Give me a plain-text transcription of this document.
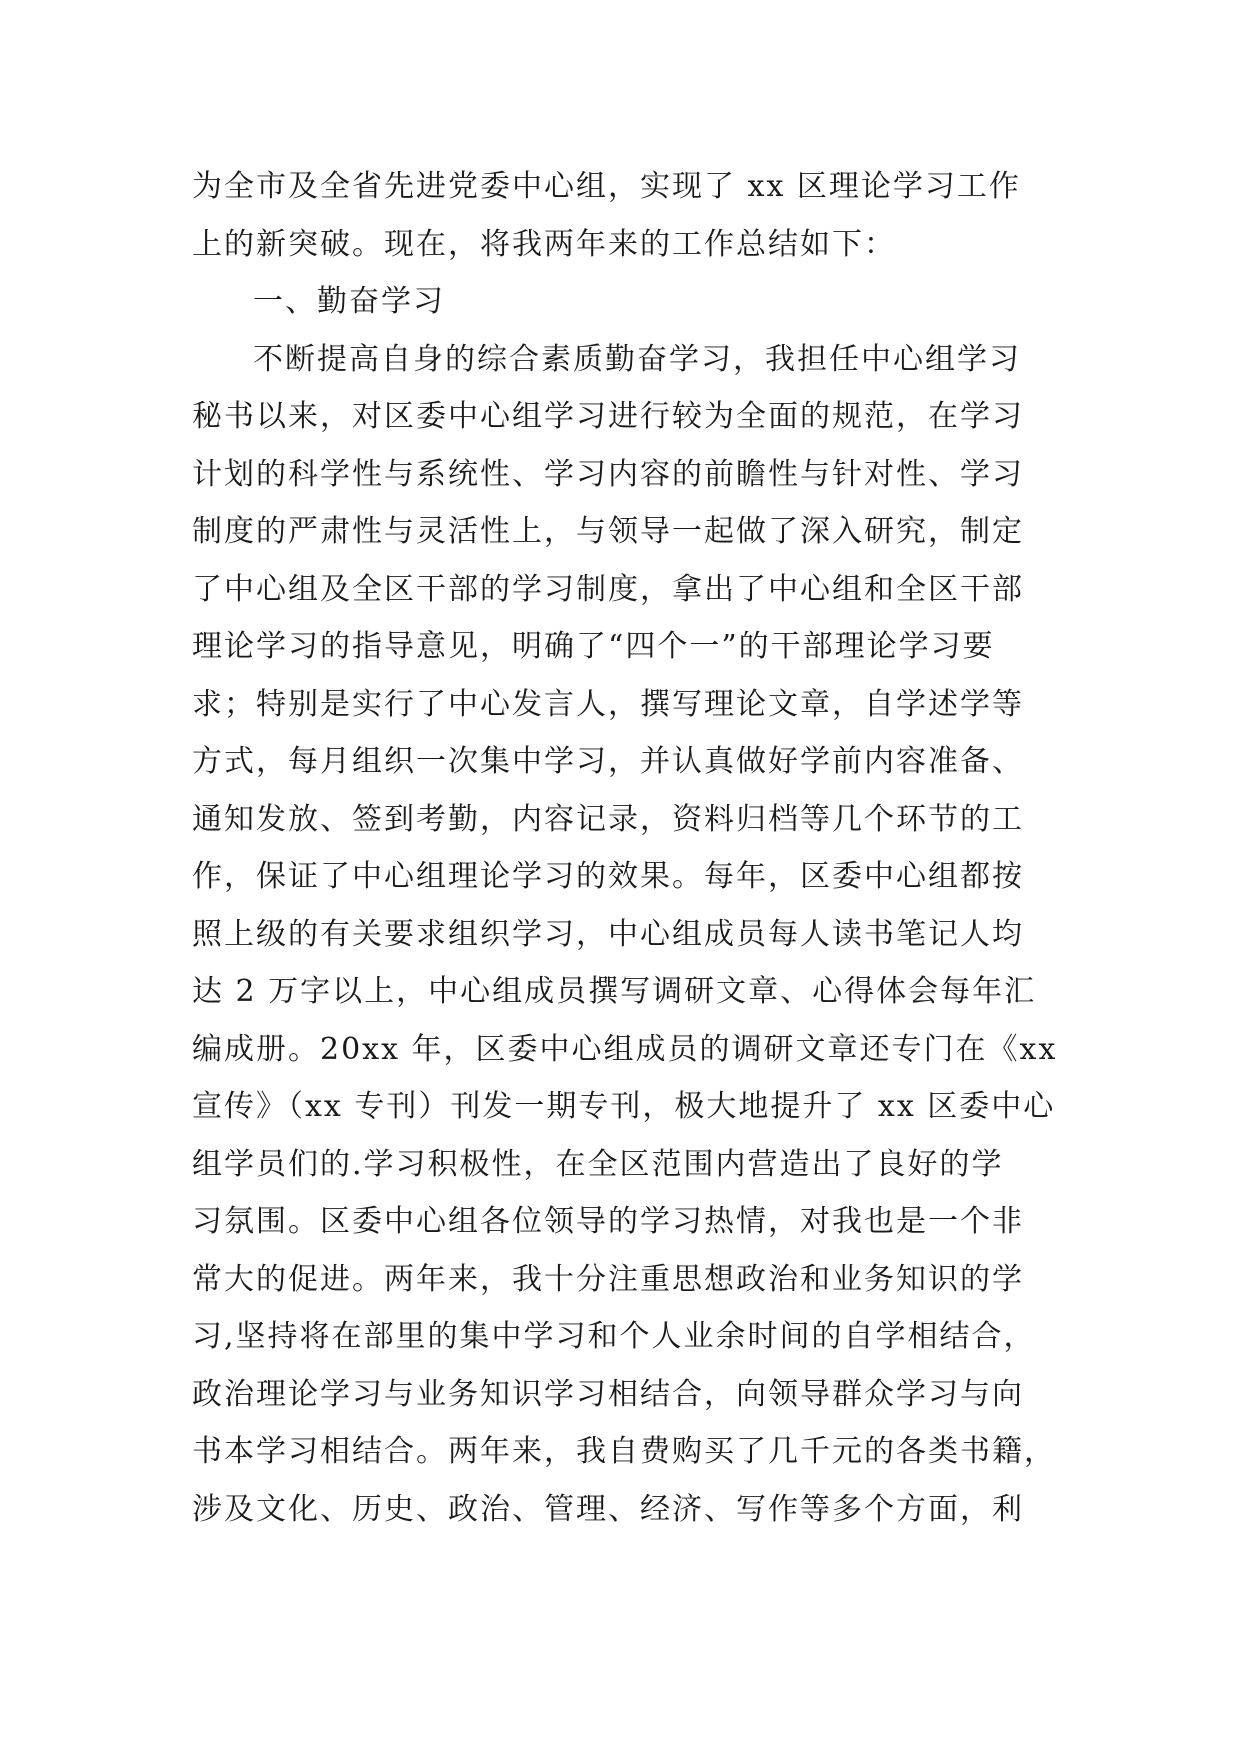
为全市及全省先进党委中心组，实现了 xx 区理论学习工作
上的新突破。现在，将我两年来的工作总结如下：
一、勤奋学习
不断提高自身的综合素质勤奋学习，我担任中心组学习
秘书以来，对区委中心组学习进行较为全面的规范，在学习
计划的科学性与系统性、学习内容的前瞻性与针对性、学习
制度的严肃性与灵活性上，与领导一起做了深入研究，制定
了中心组及全区干部的学习制度，拿出了中心组和全区干部
理论学习的指导意见，明确了“四个一”的干部理论学习要
求；特别是实行了中心发言人，撰写理论文章，自学述学等
方式，每月组织一次集中学习，并认真做好学前内容准备、
通知发放、签到考勤，内容记录，资料归档等几个环节的工
作，保证了中心组理论学习的效果。每年，区委中心组都按
照上级的有关要求组织学习，中心组成员每人读书笔记人均
达 2 万字以上，中心组成员撰写调研文章、心得体会每年汇
编成册。20xx 年，区委中心组成员的调研文章还专门在《xx
宣传》（xx 专刊）刊发一期专刊，极大地提升了 xx 区委中心
组学员们的.学习积极性，在全区范围内营造出了良好的学
习氛围。区委中心组各位领导的学习热情，对我也是一个非
常大的促进。两年来，我十分注重思想政治和业务知识的学
习,坚持将在部里的集中学习和个人业余时间的自学相结合，
政治理论学习与业务知识学习相结合，向领导群众学习与向
书本学习相结合。两年来，我自费购买了几千元的各类书籍，
涉及文化、历史、政治、管理、经济、写作等多个方面，利
